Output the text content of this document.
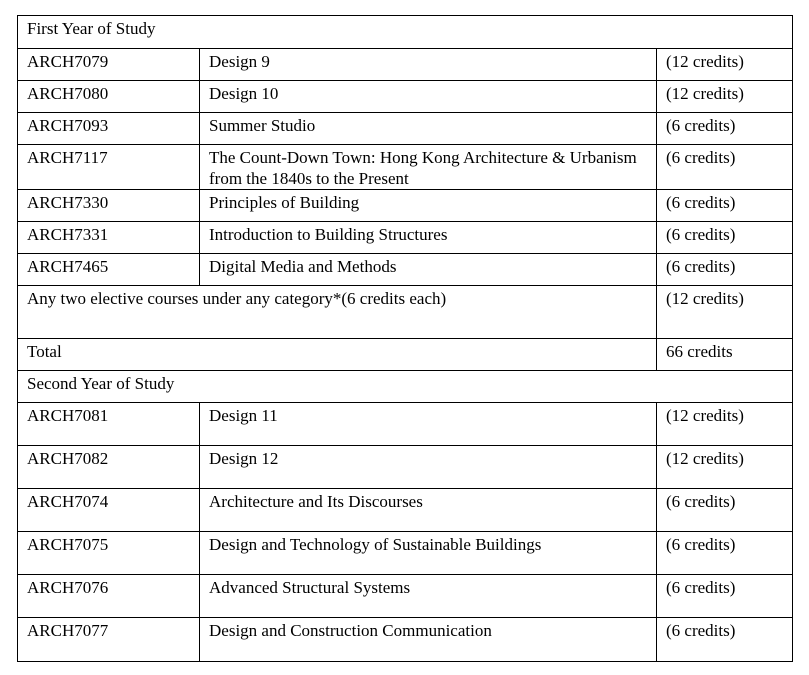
First Year of Study		
ARCH7079	Design 9	(12 credits)
ARCH7080	Design 10	(12 credits)
ARCH7093	Summer Studio	(6 credits)
ARCH7117	The Count-Down Town: Hong Kong Architecture & Urbanism from the 1840s to the Present	(6 credits)
ARCH7330	Principles of Building	(6 credits)
ARCH7331	Introduction to Building Structures	(6 credits)
ARCH7465	Digital Media and Methods	(6 credits)
Any two elective courses under any category*(6 credits each)		(12 credits)
Total		66 credits
Second Year of Study		
ARCH7081	Design 11	(12 credits)
ARCH7082	Design 12	(12 credits)
ARCH7074	Architecture and Its Discourses	(6 credits)
ARCH7075	Design and Technology of Sustainable Buildings	(6 credits)
ARCH7076	Advanced Structural Systems	(6 credits)
ARCH7077	Design and Construction Communication	(6 credits)
